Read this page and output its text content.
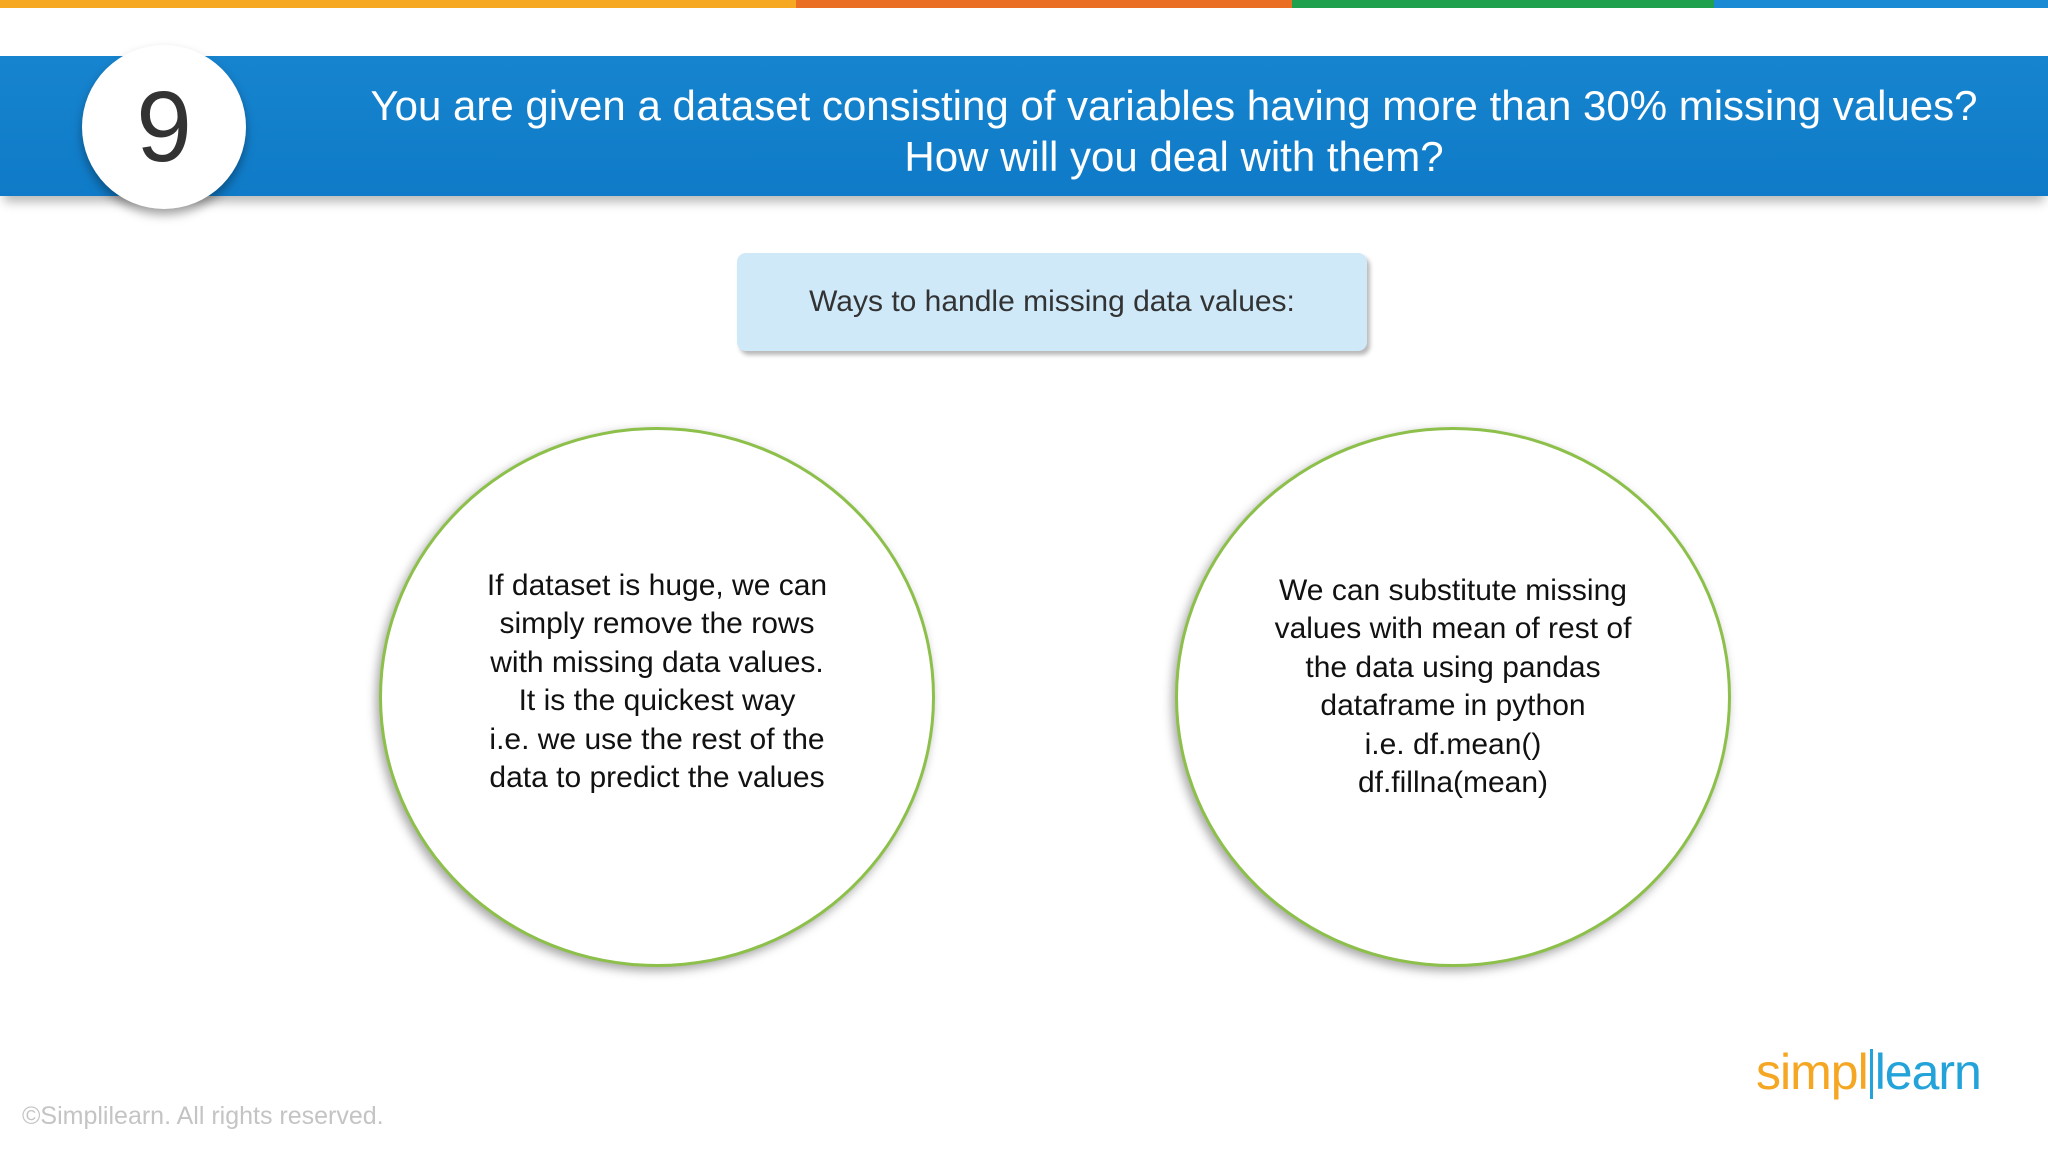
You are given a dataset consisting of variables having more than 30% missing values?
How will you deal with them?
9
Ways to handle missing data values:
If dataset is huge, we can
simply remove the rows
with missing data values.
It is the quickest way
i.e. we use the rest of the
data to predict the values
We can substitute missing
values with mean of rest of
the data using pandas
dataframe in python
i.e. df.mean()
df.fillna(mean)
©Simplilearn. All rights reserved.
simpl learn
